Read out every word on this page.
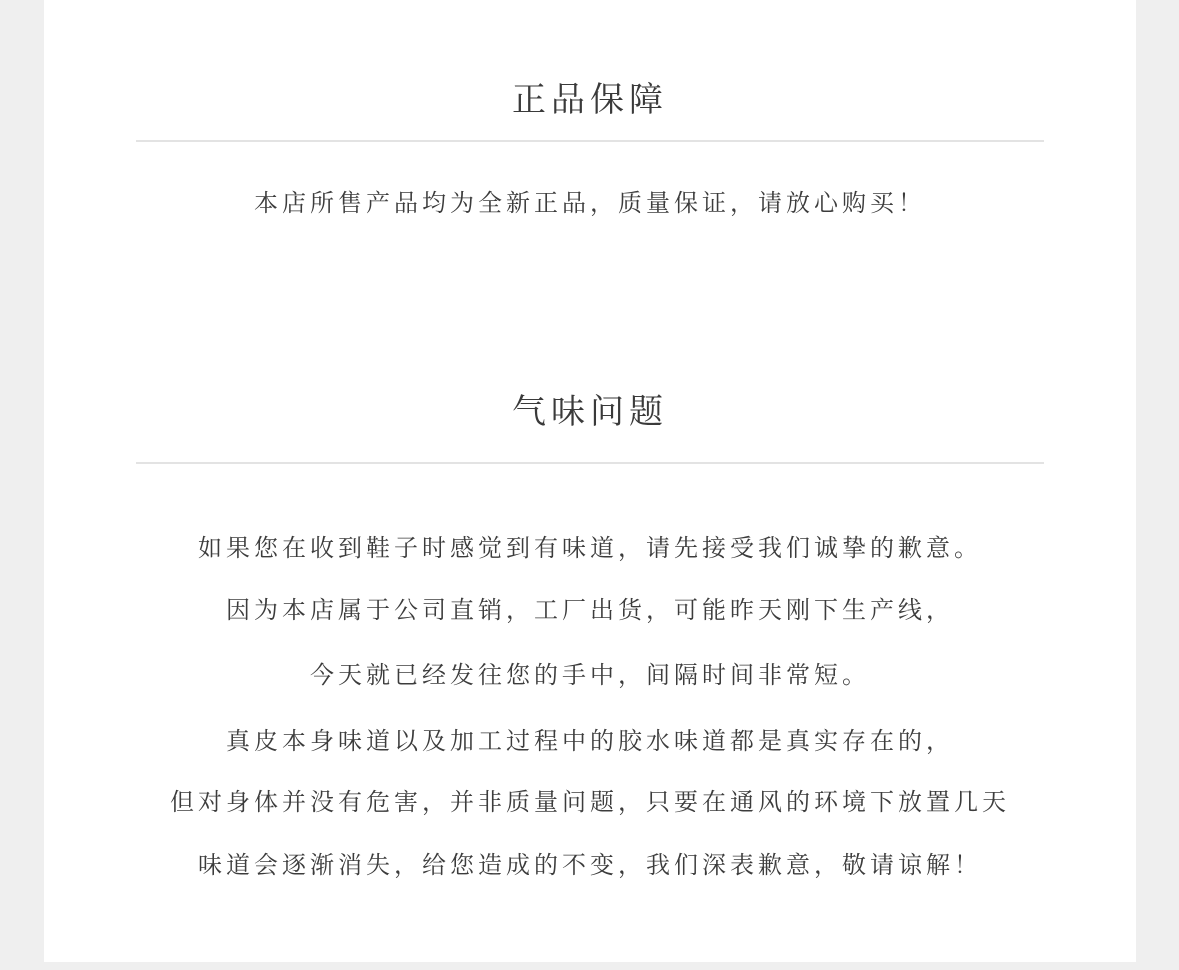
正品保障
本店所售产品均为全新正品，质量保证，请放心购买！
气味问题
如果您在收到鞋子时感觉到有味道，请先接受我们诚挚的歉意。
因为本店属于公司直销，工厂出货，可能昨天刚下生产线，
今天就已经发往您的手中，间隔时间非常短。
真皮本身味道以及加工过程中的胶水味道都是真实存在的，
但对身体并没有危害，并非质量问题，只要在通风的环境下放置几天
味道会逐渐消失，给您造成的不变，我们深表歉意，敬请谅解！
